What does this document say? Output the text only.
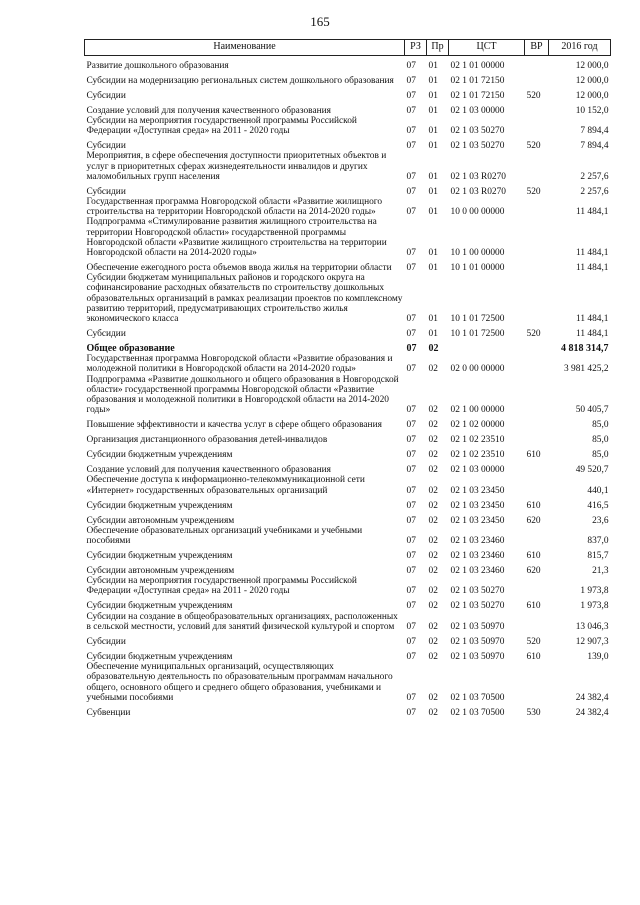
165
Наименование	РЗ	Пр	ЦСТ	ВР	2016 год
Развитие дошкольного образования	07	01	02 1 01 00000		12 000,0
Субсидии на модернизацию региональных систем дошкольного образования	07	01	02 1 01 72150		12 000,0
Субсидии	07	01	02 1 01 72150	520	12 000,0
Создание условий для получения качественного образования	07	01	02 1 03 00000		10 152,0
Субсидии на мероприятия государственной программы Российской Федерации «Доступная среда» на 2011 - 2020 годы	07	01	02 1 03 50270		7 894,4
Субсидии	07	01	02 1 03 50270	520	7 894,4
Мероприятия, в сфере обеспечения доступности приоритетных объектов и услуг в приоритетных сферах жизнедеятельности инвалидов и других маломобильных групп населения	07	01	02 1 03 R0270		2 257,6
Субсидии	07	01	02 1 03 R0270	520	2 257,6
Государственная программа Новгородской области «Развитие жилищного строительства на территории Новгородской области на 2014-2020 годы»	07	01	10 0 00 00000		11 484,1
Подпрограмма «Стимулирование развития жилищного строительства на территории Новгородской области» государственной программы Новгородской области «Развитие жилищного строительства на территории Новгородской области на 2014-2020 годы»	07	01	10 1 00 00000		11 484,1
Обеспечение ежегодного роста объемов ввода жилья на территории области	07	01	10 1 01 00000		11 484,1
Субсидии бюджетам муниципальных районов и городского округа на софинансирование расходных обязательств по строительству дошкольных образовательных организаций в рамках реализации проектов по комплексному развитию территорий, предусматривающих строительство жилья экономического класса	07	01	10 1 01 72500		11 484,1
Субсидии	07	01	10 1 01 72500	520	11 484,1
Общее образование	07	02			4 818 314,7
Государственная программа Новгородской области «Развитие образования и молодежной политики в Новгородской области на 2014-2020 годы»	07	02	02 0 00 00000		3 981 425,2
Подпрограмма «Развитие дошкольного и общего образования в Новгородской области» государственной программы Новгородской области «Развитие образования и молодежной политики в Новгородской области на 2014-2020 годы»	07	02	02 1 00 00000		50 405,7
Повышение эффективности и качества услуг в сфере общего образования	07	02	02 1 02 00000		85,0
Организация дистанционного образования детей-инвалидов	07	02	02 1 02 23510		85,0
Субсидии бюджетным учреждениям	07	02	02 1 02 23510	610	85,0
Создание условий для получения качественного образования	07	02	02 1 03 00000		49 520,7
Обеспечение доступа к информационно-телекоммуникационной сети «Интернет» государственных образовательных организаций	07	02	02 1 03 23450		440,1
Субсидии бюджетным учреждениям	07	02	02 1 03 23450	610	416,5
Субсидии автономным учреждениям	07	02	02 1 03 23450	620	23,6
Обеспечение образовательных организаций учебниками и учебными пособиями	07	02	02 1 03 23460		837,0
Субсидии бюджетным учреждениям	07	02	02 1 03 23460	610	815,7
Субсидии автономным учреждениям	07	02	02 1 03 23460	620	21,3
Субсидии на мероприятия государственной программы Российской Федерации «Доступная среда» на 2011 - 2020 годы	07	02	02 1 03 50270		1 973,8
Субсидии бюджетным учреждениям	07	02	02 1 03 50270	610	1 973,8
Субсидии на создание в общеобразовательных организациях, расположенных в сельской местности, условий для занятий физической культурой и спортом	07	02	02 1 03 50970		13 046,3
Субсидии	07	02	02 1 03 50970	520	12 907,3
Субсидии бюджетным учреждениям	07	02	02 1 03 50970	610	139,0
Обеспечение муниципальных организаций, осуществляющих образовательную деятельность по образовательным программам начального общего, основного общего и среднего общего образования, учебниками и учебными пособиями	07	02	02 1 03 70500		24 382,4
Субвенции	07	02	02 1 03 70500	530	24 382,4
